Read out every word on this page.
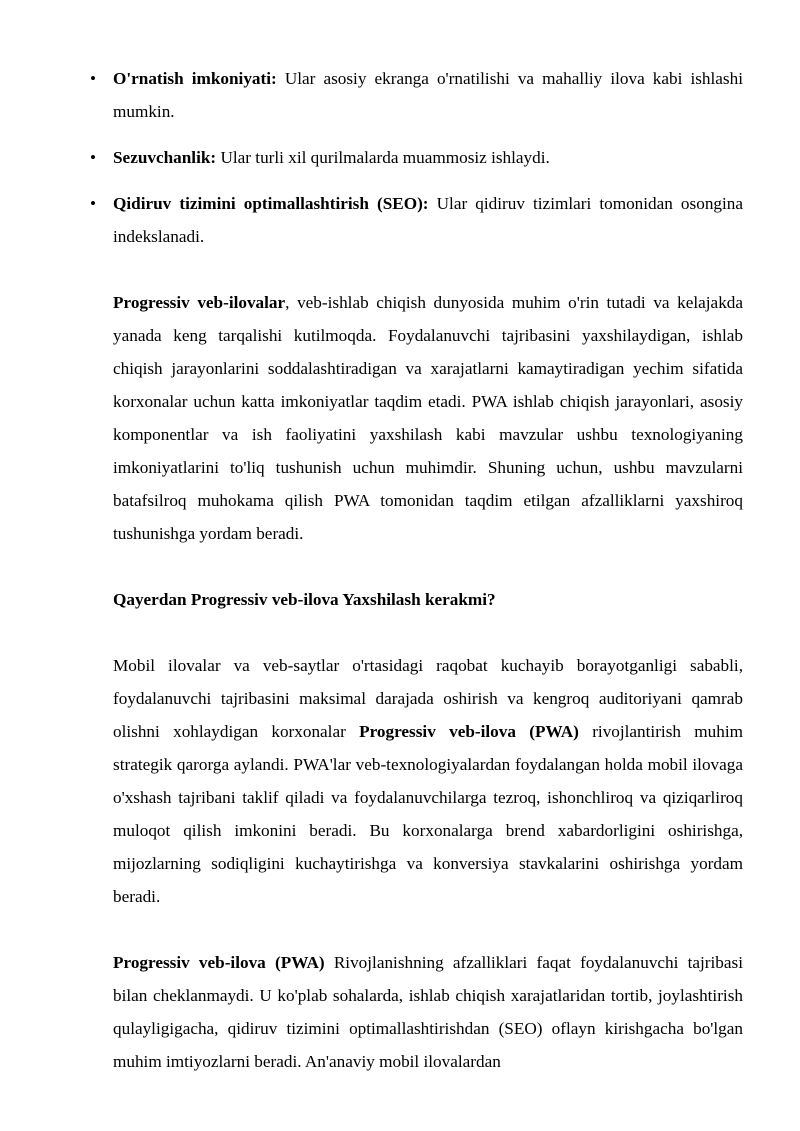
• O'rnatish imkoniyati: Ular asosiy ekranga o'rnatilishi va mahalliy ilova kabi ishlashi mumkin.
• Sezuvchanlik: Ular turli xil qurilmalarda muammosiz ishlaydi.
• Qidiruv tizimini optimallashtirish (SEO): Ular qidiruv tizimlari tomonidan osongina indekslanadi.

Progressiv veb-ilovalar, veb-ishlab chiqish dunyosida muhim o'rin tutadi va kelajakda yanada keng tarqalishi kutilmoqda. Foydalanuvchi tajribasini yaxshilaydigan, ishlab chiqish jarayonlarini soddalashtiradigan va xarajatlarni kamaytiradigan yechim sifatida korxonalar uchun katta imkoniyatlar taqdim etadi. PWA ishlab chiqish jarayonlari, asosiy komponentlar va ish faoliyatini yaxshilash kabi mavzular ushbu texnologiyaning imkoniyatlarini to'liq tushunish uchun muhimdir. Shuning uchun, ushbu mavzularni batafsilroq muhokama qilish PWA tomonidan taqdim etilgan afzalliklarni yaxshiroq tushunishga yordam beradi.

Qayerdan Progressiv veb-ilova Yaxshilash kerakmi?

Mobil ilovalar va veb-saytlar o'rtasidagi raqobat kuchayib borayotganligi sababli, foydalanuvchi tajribasini maksimal darajada oshirish va kengroq auditoriyani qamrab olishni xohlaydigan korxonalar Progressiv veb-ilova (PWA) rivojlantirish muhim strategik qarorga aylandi. PWA'lar veb-texnologiyalardan foydalangan holda mobil ilovaga o'xshash tajribani taklif qiladi va foydalanuvchilarga tezroq, ishonchliroq va qiziqarliroq muloqot qilish imkonini beradi. Bu korxonalarga brend xabardorligini oshirishga, mijozlarning sodiqligini kuchaytirishga va konversiya stavkalarini oshirishga yordam beradi.

Progressiv veb-ilova (PWA) Rivojlanishning afzalliklari faqat foydalanuvchi tajribasi bilan cheklanmaydi. U ko'plab sohalarda, ishlab chiqish xarajatlaridan tortib, joylashtirish qulayligigacha, qidiruv tizimini optimallashtirishdan (SEO) oflayn kirishgacha bo'lgan muhim imtiyozlarni beradi. An'anaviy mobil ilovalardan
